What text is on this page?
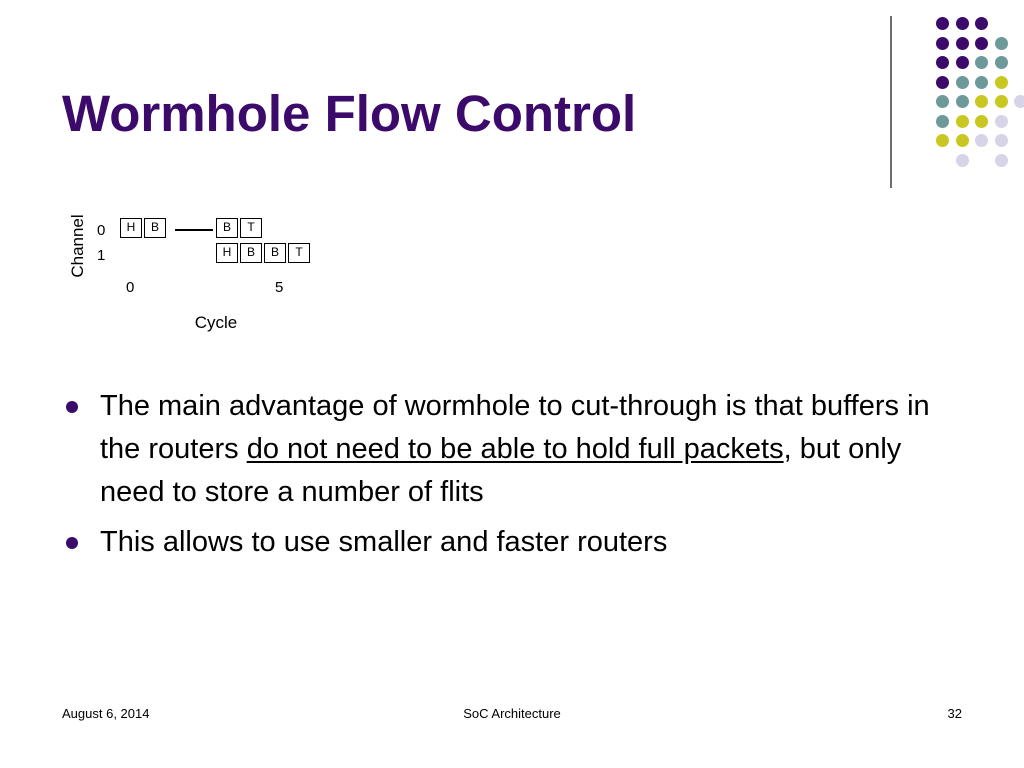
Wormhole Flow Control
Channel 0
1
H	B	B	T
H	B	B	T
0	5
Cycle
The main advantage of wormhole to cut-through is that buffers in the routers do not need to be able to hold full packets, but only need to store a number of flits
This allows to use smaller and faster routers
August 6, 2014	SoC Architecture	32
